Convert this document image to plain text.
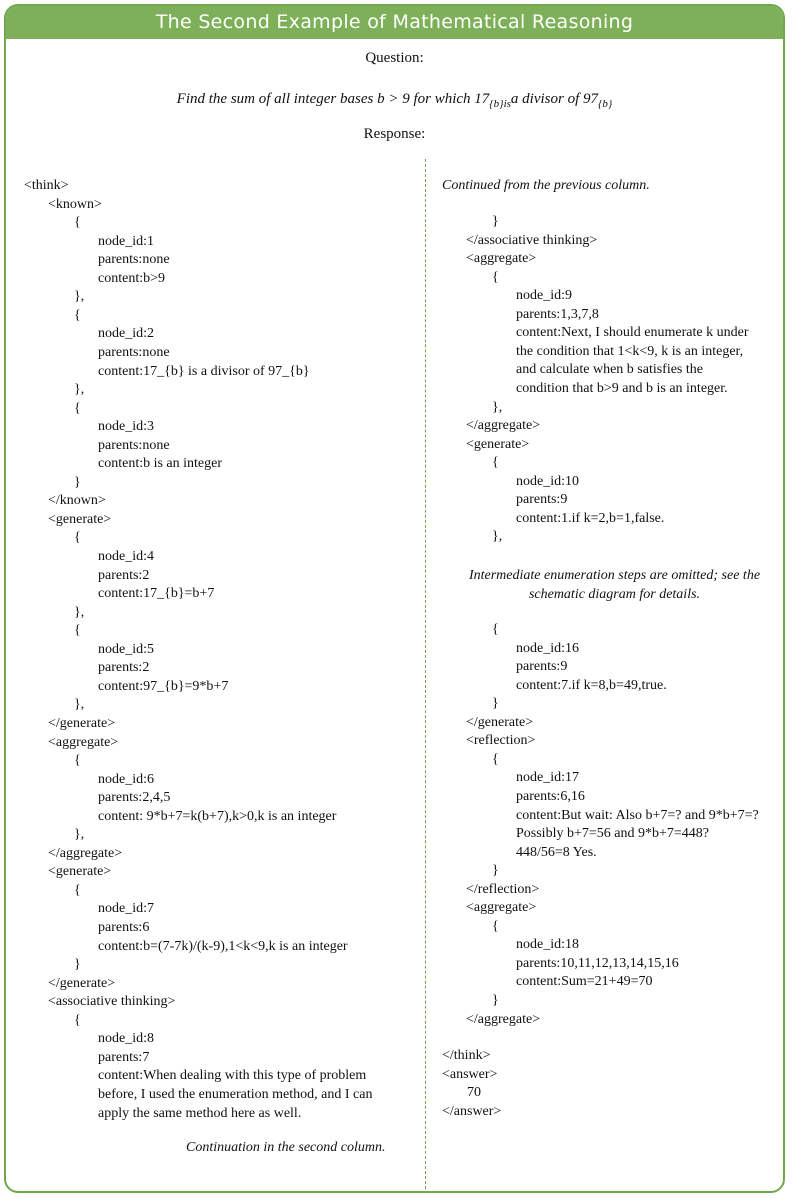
The Second Example of Mathematical Reasoning
Question:
Find the sum of all integer bases b > 9 for which $17_{\{b\}is}a$ divisor of $97_{\{b\}}$
Response:
<think>
<known>
{
node_id:1
parents:none
content:b>9
},
{
node_id:2
parents:none
content:17_{b} is a divisor of 97_{b}
},
{
node_id:3
parents:none
content:b is an integer
}
</known>
<generate>
{
node_id:4
parents:2
content:17_{b}=b+7
},
{
node_id:5
parents:2
content:97_{b}=9*b+7
},
</generate>
<aggregate>
{
node_id:6
parents:2,4,5
content: 9*b+7=k(b+7),k>0,k is an integer
},
</aggregate>
<generate>
{
node_id:7
parents:6
content:b=(7-7k)/(k-9),1<k<9,k is an integer
}
</generate>
<associative thinking>
{
node_id:8
parents:7
content:When dealing with this type of problem
before, I used the enumeration method, and I can
apply the same method here as well.
}
</associative thinking>
<aggregate>
{
node_id:9
parents:1,3,7,8
content:Next, I should enumerate k under
the condition that 1<k<9, k is an integer,
and calculate when b satisfies the
condition that b>9 and b is an integer.
},
</aggregate>
<generate>
{
node_id:10
parents:9
content:1.if k=2,b=1,false.
},
{
node_id:16
parents:9
content:7.if k=8,b=49,true.
}
</generate>
<reflection>
{
node_id:17
parents:6,16
content:But wait: Also b+7=? and 9*b+7=?
Possibly b+7=56 and 9*b+7=448?
448/56=8 Yes.
}
</reflection>
<aggregate>
{
node_id:18
parents:10,11,12,13,14,15,16
content:Sum=21+49=70
}
</aggregate>
</think>
<answer>
70
</answer>
Continuation in the second column.
Continued from the previous column.
Intermediate enumeration steps are omitted; see the schematic diagram for details.
